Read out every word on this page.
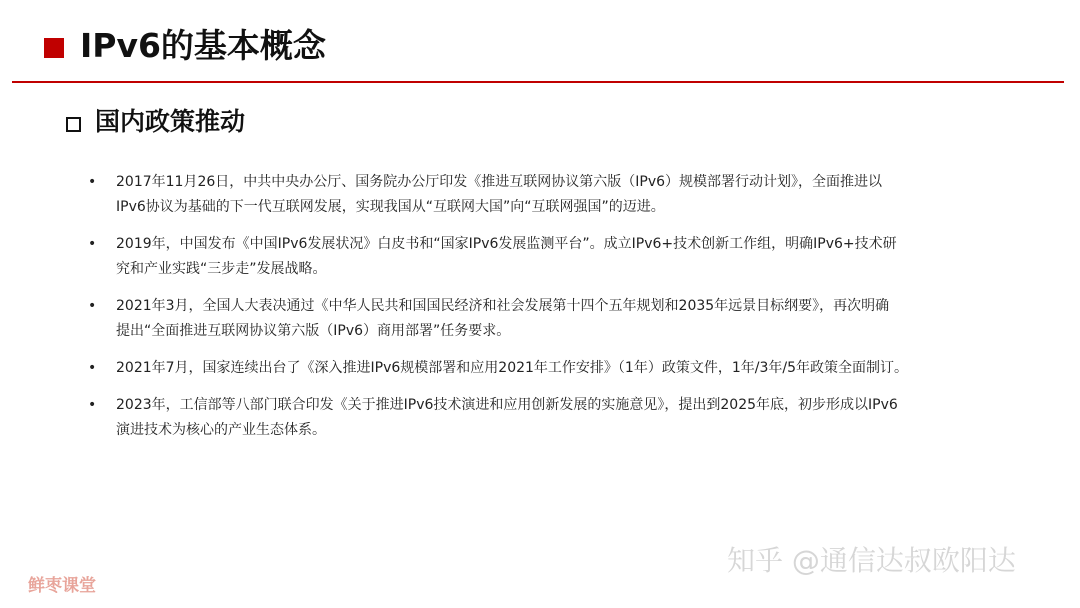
IPv6的基本概念
国内政策推动
•	2017年11月26日，中共中央办公厅、国务院办公厅印发《推进互联网协议第六版（IPv6）规模部署行动计划》，全面推进以
IPv6协议为基础的下一代互联网发展，实现我国从“互联网大国”向“互联网强国”的迈进。
•	2019年，中国发布《中国IPv6发展状况》白皮书和“国家IPv6发展监测平台”。成立IPv6+技术创新工作组，明确IPv6+技术研
究和产业实践“三步走”发展战略。
•	2021年3月，全国人大表决通过《中华人民共和国国民经济和社会发展第十四个五年规划和2035年远景目标纲要》，再次明确
提出“全面推进互联网协议第六版（IPv6）商用部署”任务要求。
•	2021年7月，国家连续出台了《深入推进IPv6规模部署和应用2021年工作安排》（1年）政策文件，1年/3年/5年政策全面制订。
•	2023年，工信部等八部门联合印发《关于推进IPv6技术演进和应用创新发展的实施意见》，提出到2025年底，初步形成以IPv6
演进技术为核心的产业生态体系。
知乎 @通信达叔欧阳达
鲜枣课堂
